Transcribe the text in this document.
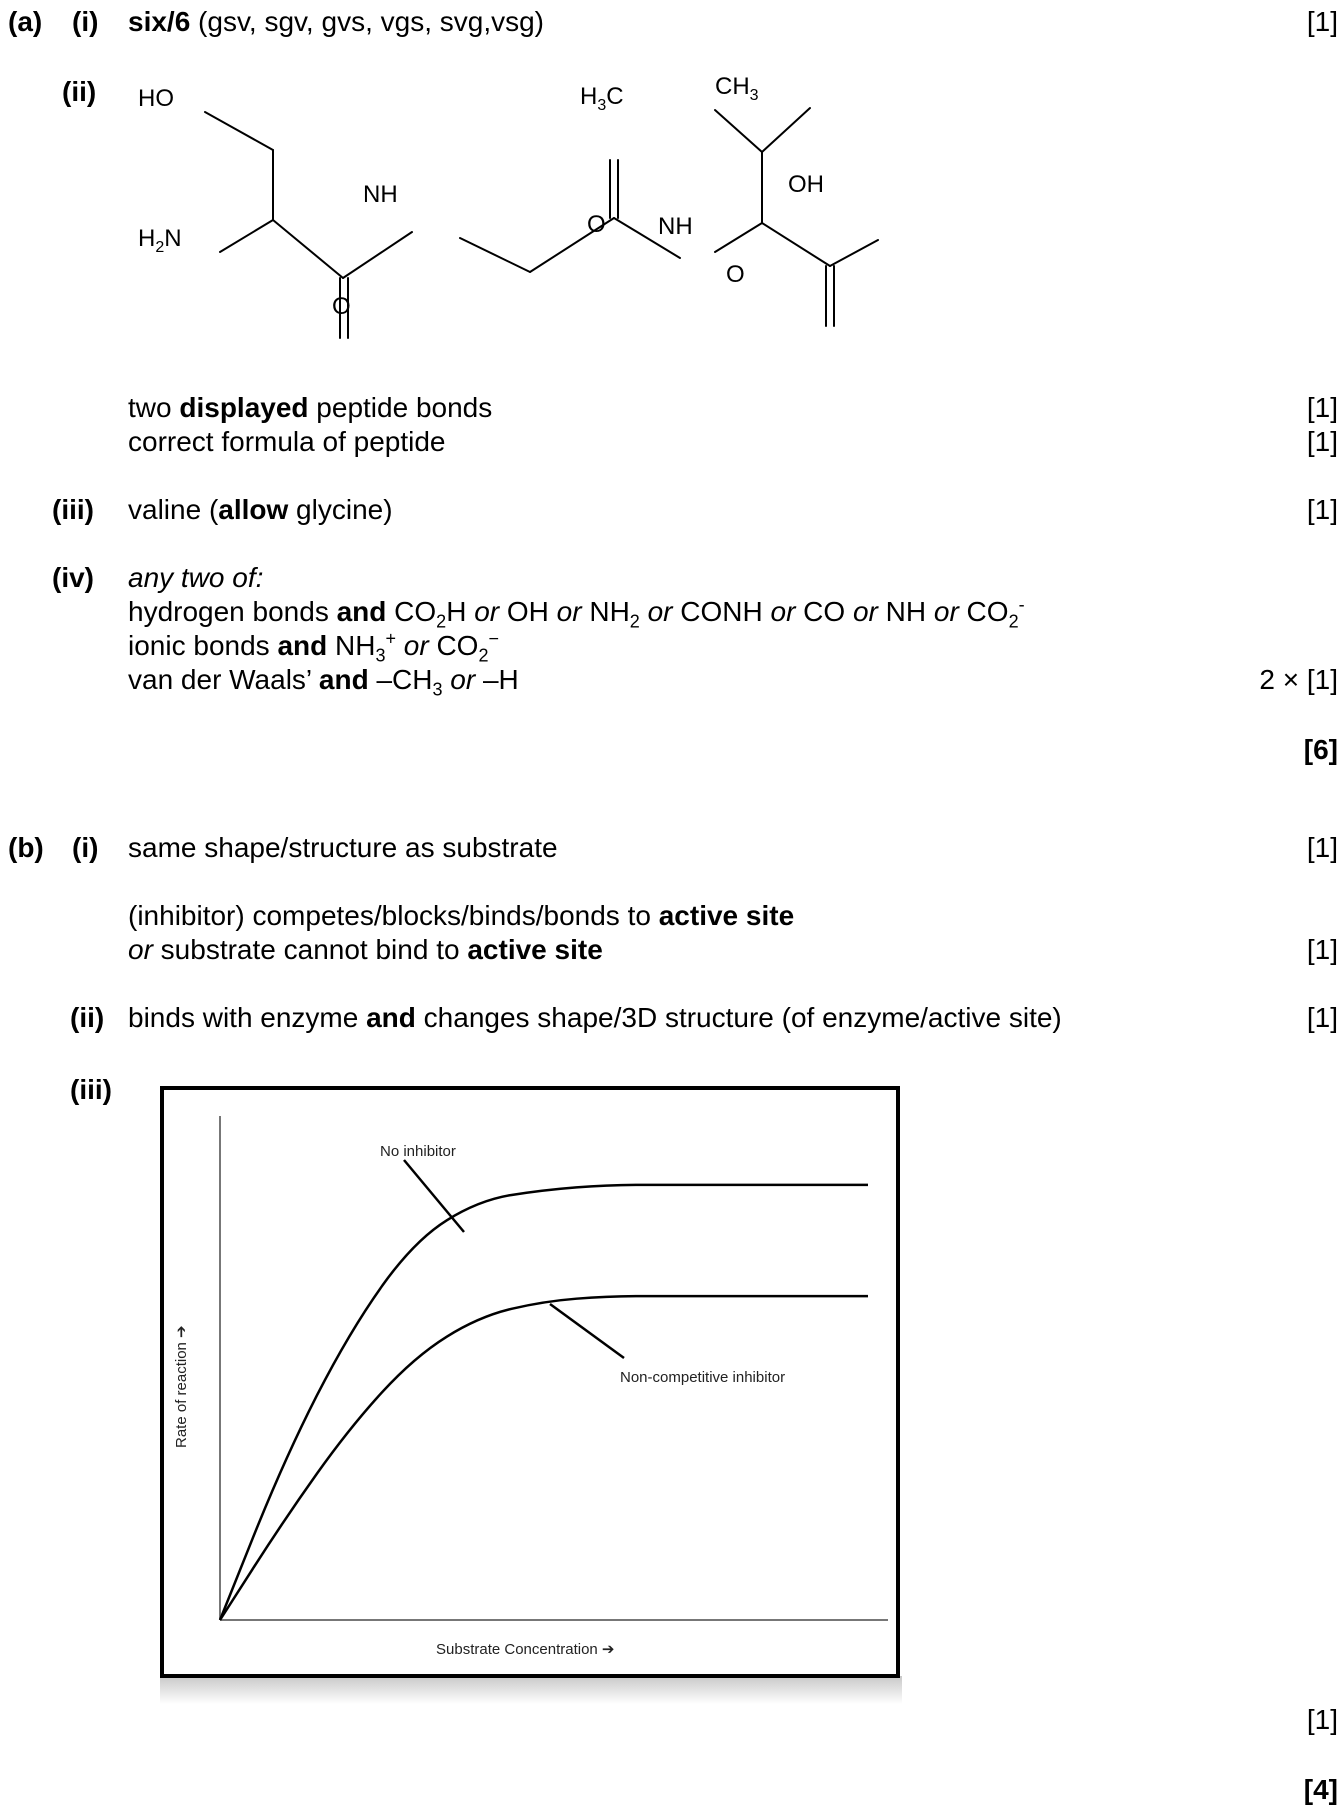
(a) (i) six/6 (gsv, sgv, gvs, vgs, svg,vsg)	[1]
(ii) HO
$H_2N$
NH
O
O
NH
$H_3C$	$CH_3$
OH
O
two displayed peptide bonds	[1]
correct formula of peptide	[1]
(iii) valine (allow glycine)	[1]
(iv) any two of:
hydrogen bonds and $CO_2H$ or OH or $NH_2$ or CONH or CO or NH or $CO_2^-$
ionic bonds and $NH_3^+$ or $CO_2^-$
van der Waals’ and $-CH_3$ or –H	2 × [1]
[6]
(b) (i) same shape/structure as substrate	[1]
(inhibitor) competes/blocks/binds/bonds to active site
or substrate cannot bind to active site	[1]
(ii) binds with enzyme and changes shape/3D structure (of enzyme/active site)	[1]
(iii)
No inhibitor
Non-competitive inhibitor
Substrate Concentration ➔
Rate of reaction ➔
[1]
[4]
